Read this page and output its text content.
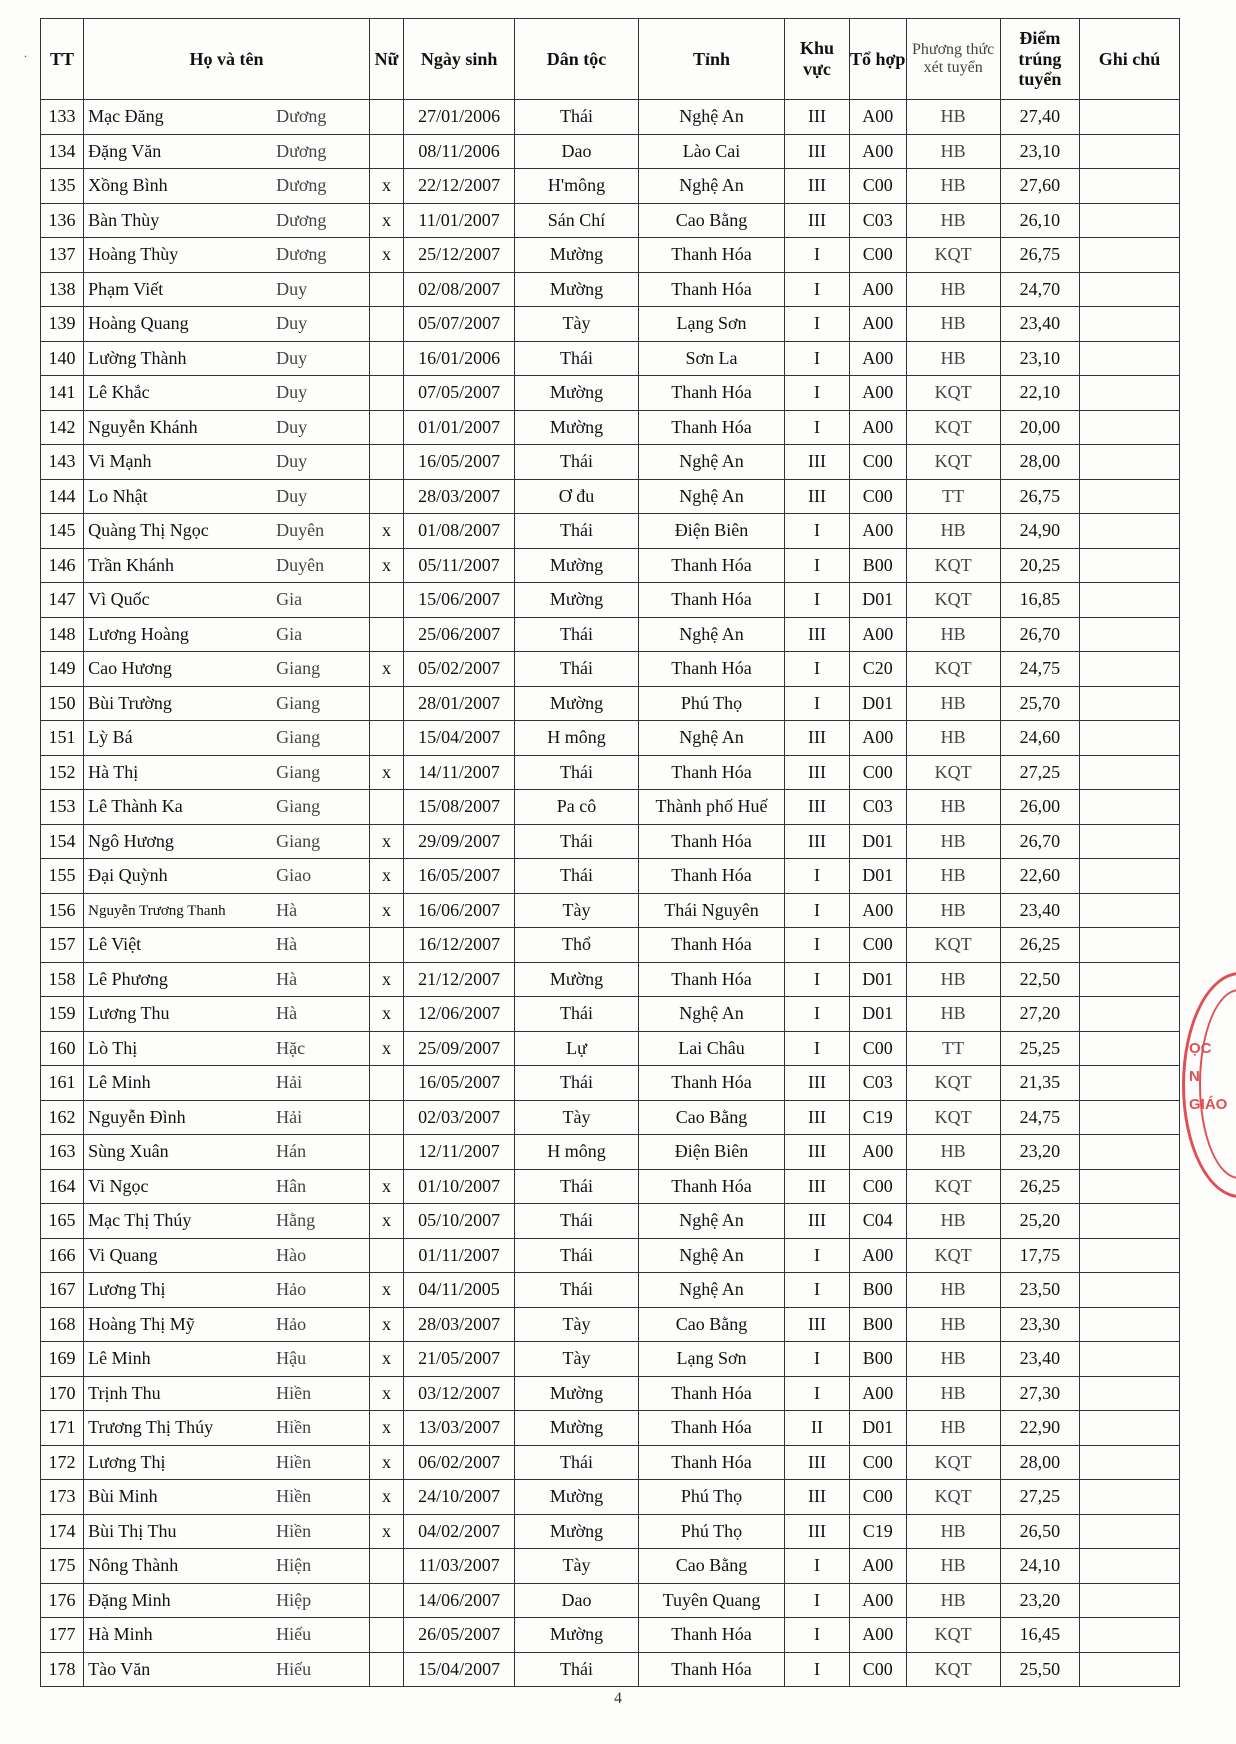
. TT	Họ và tên	Nữ	Ngày sinh	Dân tộc	Tỉnh	Khu vực	Tổ hợp	Phương thức xét tuyển	Điểm trúng tuyển	Ghi chú
133	Mạc Đăng Dương		27/01/2006	Thái	Nghệ An	III	A00	HB	27,40	
134	Đặng Văn Dương		08/11/2006	Dao	Lào Cai	III	A00	HB	23,10	
135	Xồng Bình Dương	x	22/12/2007	H'mông	Nghệ An	III	C00	HB	27,60	
136	Bàn Thùy Dương	x	11/01/2007	Sán Chí	Cao Bằng	III	C03	HB	26,10	
137	Hoàng Thùy Dương	x	25/12/2007	Mường	Thanh Hóa	I	C00	KQT	26,75	
138	Phạm Viết Duy		02/08/2007	Mường	Thanh Hóa	I	A00	HB	24,70	
139	Hoàng Quang Duy		05/07/2007	Tày	Lạng Sơn	I	A00	HB	23,40	
140	Lường Thành Duy		16/01/2006	Thái	Sơn La	I	A00	HB	23,10	
141	Lê Khắc Duy		07/05/2007	Mường	Thanh Hóa	I	A00	KQT	22,10	
142	Nguyễn Khánh Duy		01/01/2007	Mường	Thanh Hóa	I	A00	KQT	20,00	
143	Vi Mạnh Duy		16/05/2007	Thái	Nghệ An	III	C00	KQT	28,00	
144	Lo Nhật Duy		28/03/2007	Ơ đu	Nghệ An	III	C00	TT	26,75	
145	Quàng Thị Ngọc Duyên	x	01/08/2007	Thái	Điện Biên	I	A00	HB	24,90	
146	Trần Khánh Duyên	x	05/11/2007	Mường	Thanh Hóa	I	B00	KQT	20,25	
147	Vì Quốc Gia		15/06/2007	Mường	Thanh Hóa	I	D01	KQT	16,85	
148	Lương Hoàng Gia		25/06/2007	Thái	Nghệ An	III	A00	HB	26,70	
149	Cao Hương Giang	x	05/02/2007	Thái	Thanh Hóa	I	C20	KQT	24,75	
150	Bùi Trường Giang		28/01/2007	Mường	Phú Thọ	I	D01	HB	25,70	
151	Lỳ Bá Giang		15/04/2007	H mông	Nghệ An	III	A00	HB	24,60	
152	Hà Thị Giang	x	14/11/2007	Thái	Thanh Hóa	III	C00	KQT	27,25	
153	Lê Thành Ka Giang		15/08/2007	Pa cô	Thành phố Huế	III	C03	HB	26,00	
154	Ngô Hương Giang	x	29/09/2007	Thái	Thanh Hóa	III	D01	HB	26,70	
155	Đại Quỳnh Giao	x	16/05/2007	Thái	Thanh Hóa	I	D01	HB	22,60	
156	Nguyễn Trương Thanh Hà	x	16/06/2007	Tày	Thái Nguyên	I	A00	HB	23,40	
157	Lê Việt Hà		16/12/2007	Thổ	Thanh Hóa	I	C00	KQT	26,25	
158	Lê Phương Hà	x	21/12/2007	Mường	Thanh Hóa	I	D01	HB	22,50	
159	Lương Thu Hà	x	12/06/2007	Thái	Nghệ An	I	D01	HB	27,20	
160	Lò Thị Hặc	x	25/09/2007	Lự	Lai Châu	I	C00	TT	25,25	
161	Lê Minh Hải		16/05/2007	Thái	Thanh Hóa	III	C03	KQT	21,35	
162	Nguyễn Đình Hải		02/03/2007	Tày	Cao Bằng	III	C19	KQT	24,75	
163	Sùng Xuân Hán		12/11/2007	H mông	Điện Biên	III	A00	HB	23,20	
164	Vi Ngọc Hân	x	01/10/2007	Thái	Thanh Hóa	III	C00	KQT	26,25	
165	Mạc Thị Thúy Hằng	x	05/10/2007	Thái	Nghệ An	III	C04	HB	25,20	
166	Vi Quang Hào		01/11/2007	Thái	Nghệ An	I	A00	KQT	17,75	
167	Lương Thị Hảo	x	04/11/2005	Thái	Nghệ An	I	B00	HB	23,50	
168	Hoàng Thị Mỹ Hảo	x	28/03/2007	Tày	Cao Bằng	III	B00	HB	23,30	
169	Lê Minh Hậu	x	21/05/2007	Tày	Lạng Sơn	I	B00	HB	23,40	
170	Trịnh Thu Hiền	x	03/12/2007	Mường	Thanh Hóa	I	A00	HB	27,30	
171	Trương Thị Thúy Hiền	x	13/03/2007	Mường	Thanh Hóa	II	D01	HB	22,90	
172	Lương Thị Hiền	x	06/02/2007	Thái	Thanh Hóa	III	C00	KQT	28,00	
173	Bùi Minh Hiền	x	24/10/2007	Mường	Phú Thọ	III	C00	KQT	27,25	
174	Bùi Thị Thu Hiền	x	04/02/2007	Mường	Phú Thọ	III	C19	HB	26,50	
175	Nông Thành Hiện		11/03/2007	Tày	Cao Bằng	I	A00	HB	24,10	
176	Đặng Minh Hiệp		14/06/2007	Dao	Tuyên Quang	I	A00	HB	23,20	
177	Hà Minh Hiếu		26/05/2007	Mường	Thanh Hóa	I	A00	KQT	16,45	
178	Tào Văn Hiếu		15/04/2007	Thái	Thanh Hóa	I	C00	KQT	25,50	
4
ỌC
N
GIÁO
